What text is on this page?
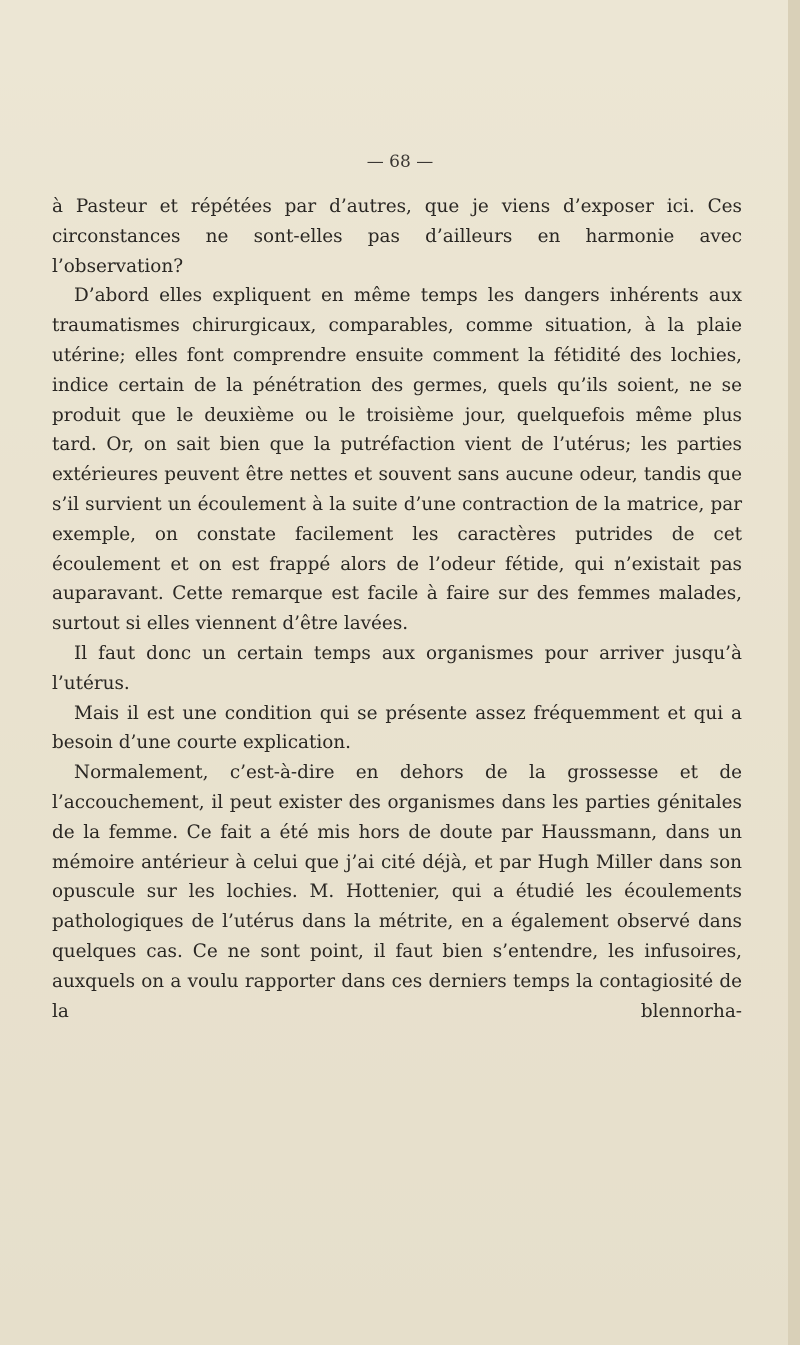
— 68 —

à Pasteur et répétées par d’autres, que je viens d’exposer ici. Ces circonstances ne sont-elles pas d’ailleurs en harmonie avec l’observation?

D’abord elles expliquent en même temps les dangers inhérents aux traumatismes chirurgicaux, comparables, comme situation, à la plaie utérine; elles font comprendre ensuite comment la fétidité des lochies, indice certain de la pénétration des germes, quels qu’ils soient, ne se produit que le deuxième ou le troisième jour, quelquefois même plus tard. Or, on sait bien que la putréfaction vient de l’utérus; les parties extérieures peuvent être nettes et souvent sans aucune odeur, tandis que s’il survient un écoulement à la suite d’une contraction de la matrice, par exemple, on constate facilement les caractères putrides de cet écoulement et on est frappé alors de l’odeur fétide, qui n’existait pas auparavant. Cette remarque est facile à faire sur des femmes malades, surtout si elles viennent d’être lavées.

Il faut donc un certain temps aux organismes pour arriver jusqu’à l’utérus.

Mais il est une condition qui se présente assez fréquemment et qui a besoin d’une courte explication.

Normalement, c’est-à-dire en dehors de la grossesse et de l’accouchement, il peut exister des organismes dans les parties génitales de la femme. Ce fait a été mis hors de doute par Haussmann, dans un mémoire antérieur à celui que j’ai cité déjà, et par Hugh Miller dans son opuscule sur les lochies. M. Hottenier, qui a étudié les écoulements pathologiques de l’utérus dans la métrite, en a également observé dans quelques cas. Ce ne sont point, il faut bien s’entendre, les infusoires, auxquels on a voulu rapporter dans ces derniers temps la contagiosité de la blennorha-
